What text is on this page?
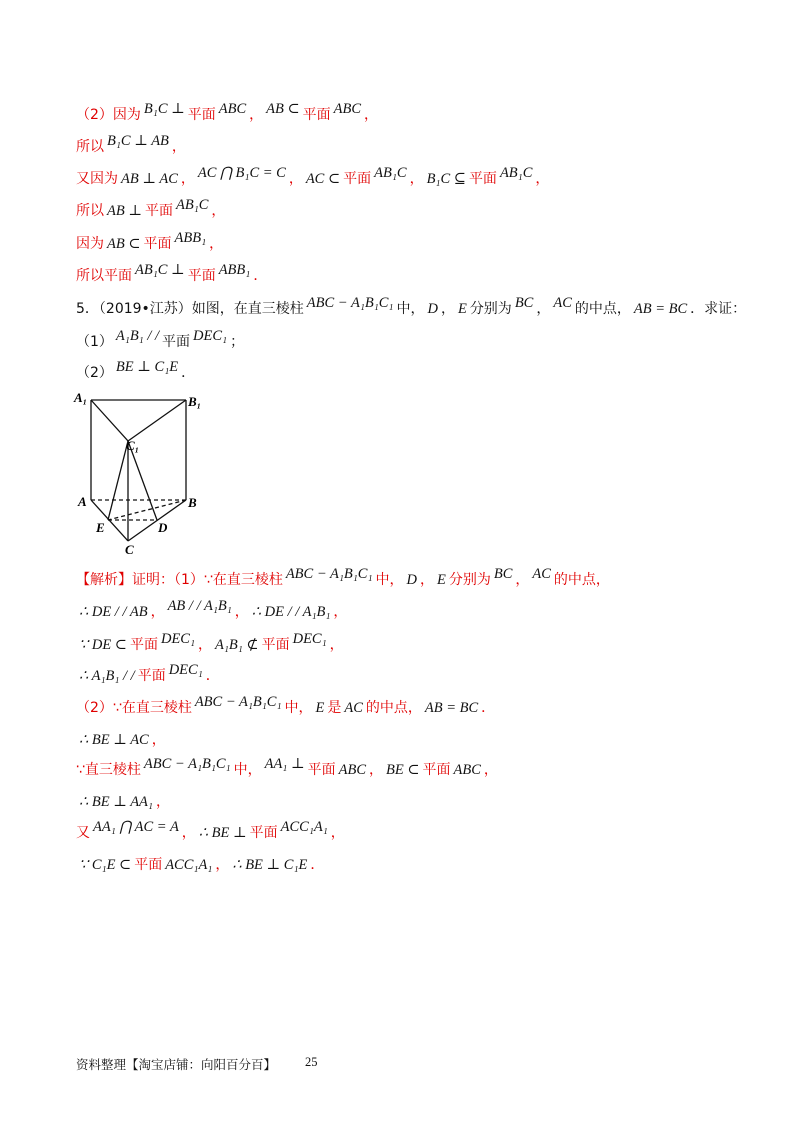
（2）因为 B₁C ⊥ 平面 ABC ， AB ⊂ 平面 ABC ，
所以 B₁C ⊥ AB ，
又因为 AB ⊥ AC ， AC ⋂ B₁C = C ， AC ⊂ 平面 AB₁C ， B₁C ⊆ 平面 AB₁C ，
所以 AB ⊥ 平面 AB₁C ，
因为 AB ⊂ 平面 ABB₁ ，
所以平面 AB₁C ⊥ 平面 ABB₁ ．
5．（2019•江苏）如图，在直三棱柱 ABC − A₁B₁C₁ 中， D ， E 分别为 BC ， AC 的中点， AB = BC ．求证：
（1） A₁B₁ / / 平面 DEC₁ ；
（2） BE ⊥ C₁E ．
【解析】证明：（1）∵在直三棱柱 ABC − A₁B₁C₁ 中， D ， E 分别为 BC ， AC 的中点，
∴ DE / / AB ， AB / / A₁B₁ ， ∴ DE / / A₁B₁ ，
∵ DE ⊂ 平面 DEC₁ ， A₁B₁ ⊄ 平面 DEC₁ ，
∴ A₁B₁ / / 平面 DEC₁ ．
（2）∵在直三棱柱 ABC − A₁B₁C₁ 中， E 是 AC 的中点， AB = BC ．
∴ BE ⊥ AC ，
∵直三棱柱 ABC − A₁B₁C₁ 中， AA₁ ⊥ 平面 ABC ， BE ⊂ 平面 ABC ，
∴ BE ⊥ AA₁ ，
又 AA₁ ⋂ AC = A ， ∴ BE ⊥ 平面 ACC₁A₁ ，
∵ C₁E ⊂ 平面 ACC₁A₁ ， ∴ BE ⊥ C₁E ．
A₁	B₁
C₁
A	B
E	D
C
资料整理【淘宝店铺：向阳百分百】 25
